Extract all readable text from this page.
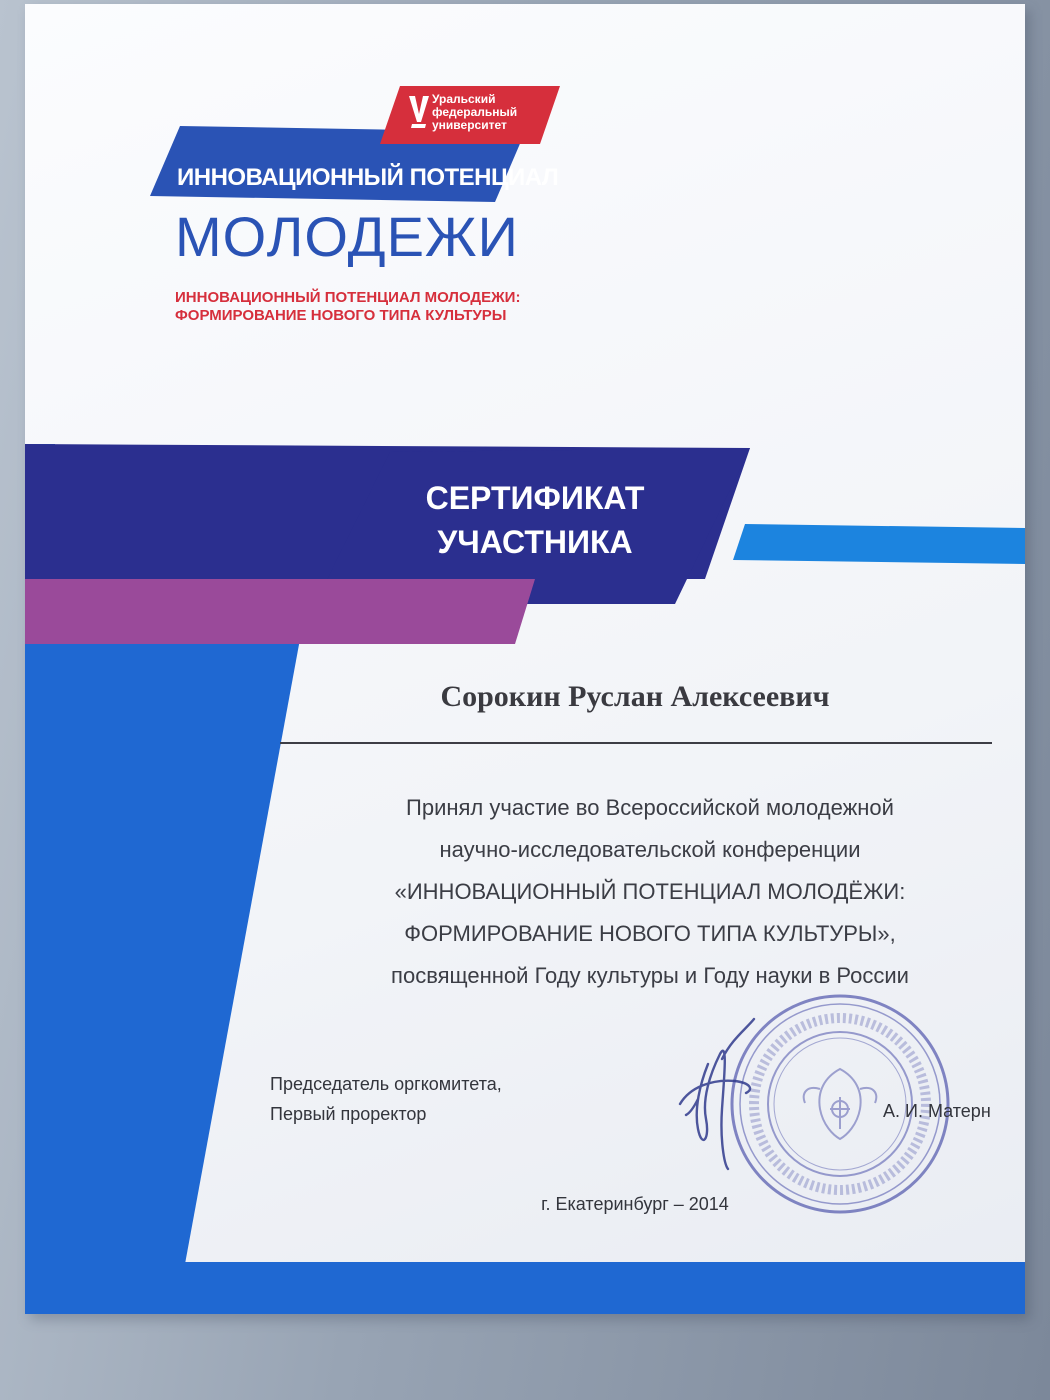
Уральский
федеральный
университет
ИННОВАЦИОННЫЙ ПОТЕНЦИАЛ
МОЛОДЕЖИ
ИННОВАЦИОННЫЙ ПОТЕНЦИАЛ МОЛОДЕЖИ:
ФОРМИРОВАНИЕ НОВОГО ТИПА КУЛЬТУРЫ
СЕРТИФИКАТ
УЧАСТНИКА
Сорокин Руслан Алексеевич
Принял участие во Всероссийской молодежной
научно-исследовательской конференции
«ИННОВАЦИОННЫЙ ПОТЕНЦИАЛ МОЛОДЁЖИ:
ФОРМИРОВАНИЕ НОВОГО ТИПА КУЛЬТУРЫ»,
посвященной Году культуры и Году науки в России
Председатель оргкомитета,
Первый проректор	А. И. Матерн
г. Екатеринбург – 2014
